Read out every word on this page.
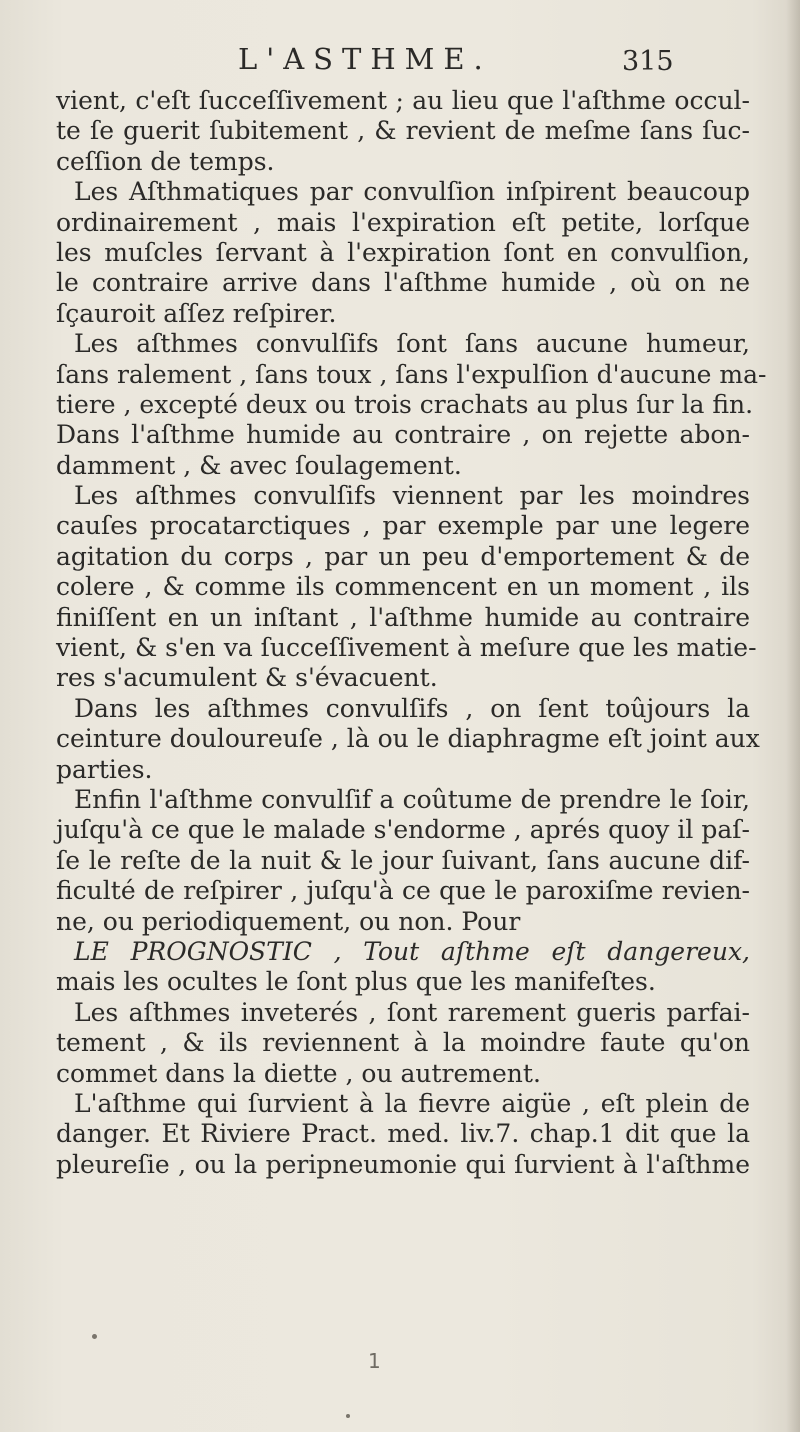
L'ASTHME.	315
vient, c'eſt ſucceſſivement ; au lieu que l'aſthme occul-
te ſe guerit ſubitement , & revient de meſme ſans ſuc-
ceſſion de temps.
Les Aſthmatiques par convulſion inſpirent beaucoup
ordinairement , mais l'expiration eſt petite, lorſque
les muſcles ſervant à l'expiration ſont en convulſion,
le contraire arrive dans l'aſthme humide , où on ne
ſçauroit aſſez reſpirer.
Les aſthmes convulſifs ſont ſans aucune humeur,
ſans ralement , ſans toux , ſans l'expulſion d'aucune ma-
tiere , excepté deux ou trois crachats au plus ſur la fin.
Dans l'aſthme humide au contraire , on rejette abon-
damment , & avec ſoulagement.
Les aſthmes convulſifs viennent par les moindres
cauſes procatarctiques , par exemple par une legere
agitation du corps , par un peu d'emportement & de
colere , & comme ils commencent en un moment , ils
finiſſent en un inſtant , l'aſthme humide au contraire
vient, & s'en va ſucceſſivement à meſure que les matie-
res s'acumulent & s'évacuent.
Dans les aſthmes convulſifs , on ſent toûjours la
ceinture douloureuſe , là ou le diaphragme eſt joint aux
parties.
Enfin l'aſthme convulſif a coûtume de prendre le ſoir,
juſqu'à ce que le malade s'endorme , aprés quoy il paſ-
ſe le reſte de la nuit & le jour ſuivant, ſans aucune dif-
ficulté de reſpirer , juſqu'à ce que le paroxiſme revien-
ne, ou periodiquement, ou non. Pour
LE PROGNOSTIC , Tout aſthme eſt dangereux,
mais les ocultes le ſont plus que les manifeſtes.
Les aſthmes inveterés , ſont rarement gueris parfai-
tement , & ils reviennent à la moindre faute qu'on
commet dans la diette , ou autrement.
L'aſthme qui ſurvient à la fievre aigüe , eſt plein de
danger. Et Riviere Pract. med. liv.7. chap.1 dit que la
pleureſie , ou la peripneumonie qui ſurvient à l'aſthme
1
